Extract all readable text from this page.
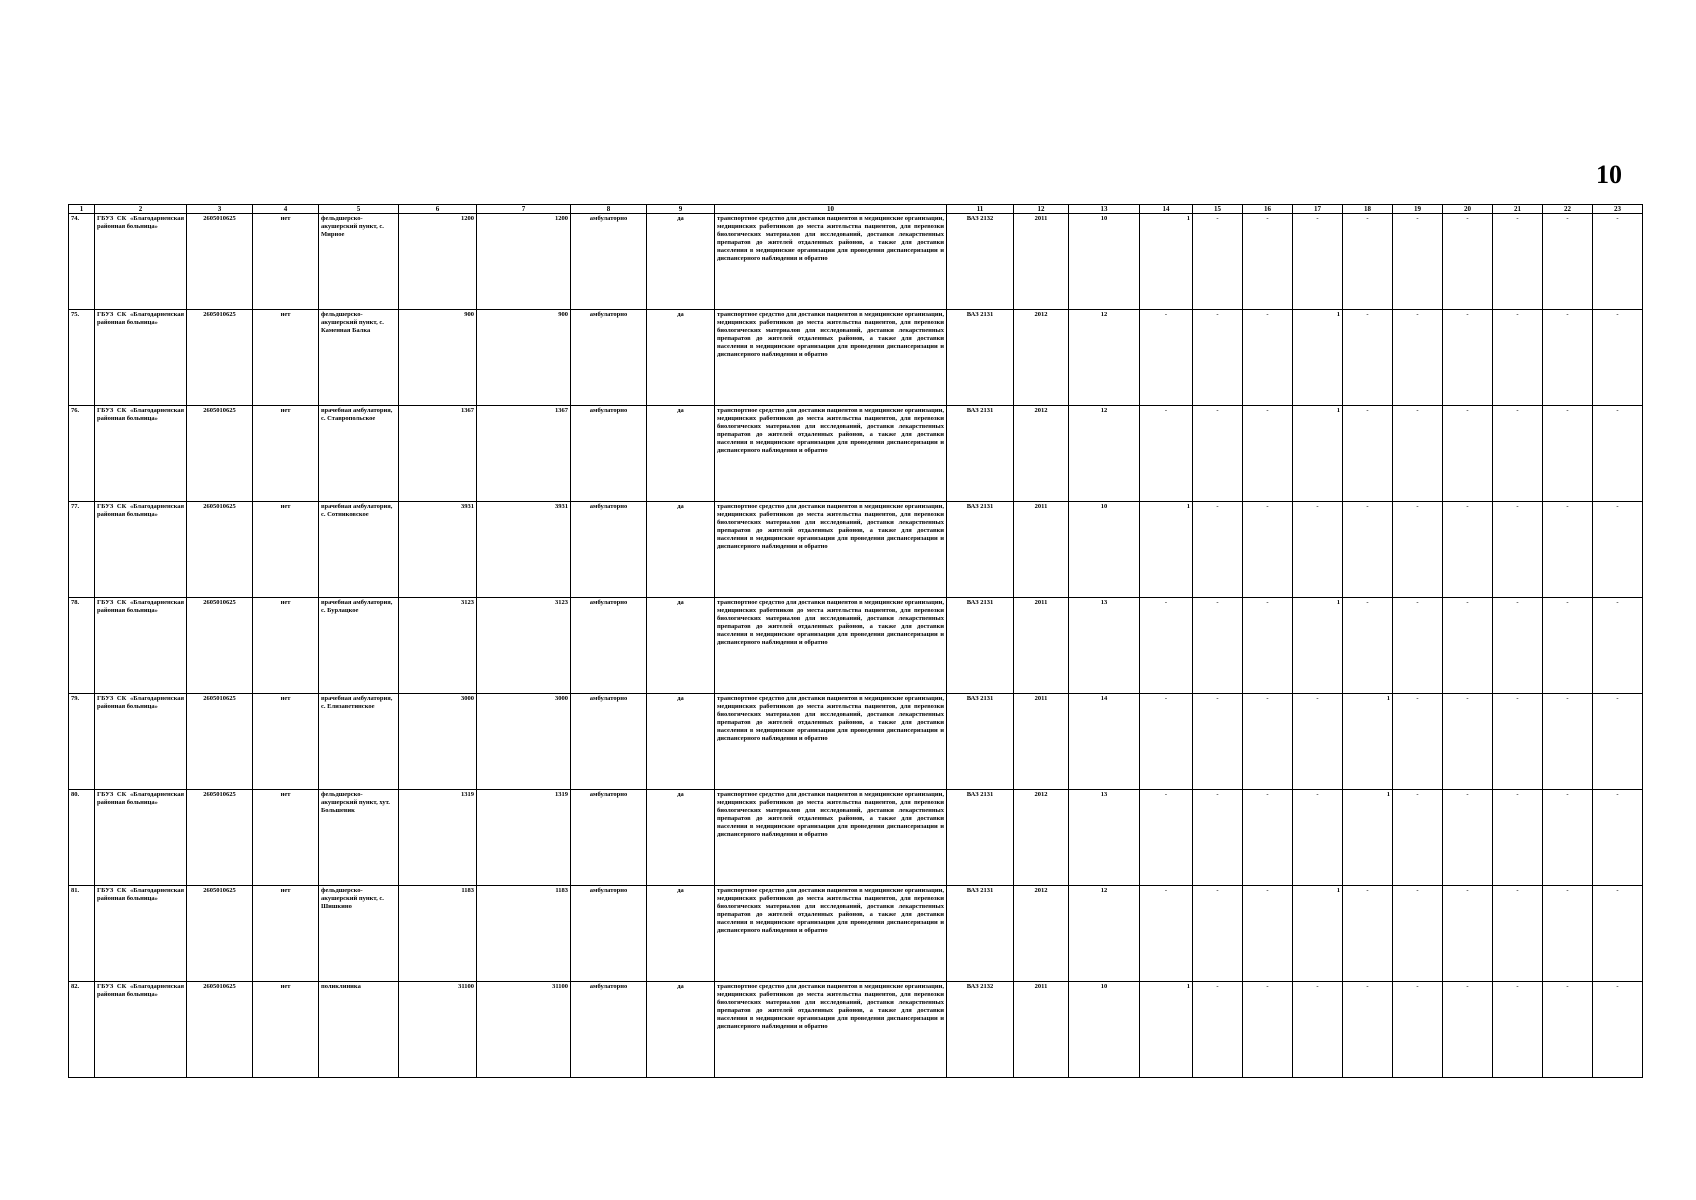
10
1	2	3	4	5	6	7	8	9	10	11	12	13	14	15	16	17	18	19	20	21	22	23
74.	ГБУЗ СК «Благодарненская районная больница»	2605010625	нет	фельдшерско-акушерский пункт, с. Мирное	1200	1200	амбулаторно	да	транспортное средство для доставки пациентов в медицинские организации, медицинских работников до места жительства пациентов, для перевозки биологических материалов для исследований, доставки лекарственных препаратов до жителей отдаленных районов, а также для доставки населения в медицинские организации для проведения диспансеризации и диспансерного наблюдения и обратно	ВАЗ 2132	2011	10	1	-	-	-	-	-	-	-	-	-
75.	ГБУЗ СК «Благодарненская районная больница»	2605010625	нет	фельдшерско-акушерский пункт, с. Каменная Балка	900	900	амбулаторно	да	транспортное средство для доставки пациентов в медицинские организации, медицинских работников до места жительства пациентов, для перевозки биологических материалов для исследований, доставки лекарственных препаратов до жителей отдаленных районов, а также для доставки населения в медицинские организации для проведения диспансеризации и диспансерного наблюдения и обратно	ВАЗ 2131	2012	12	-	-	-	1	-	-	-	-	-	-
76.	ГБУЗ СК «Благодарненская районная больница»	2605010625	нет	врачебная амбулатория, с. Ставропольское	1367	1367	амбулаторно	да	транспортное средство для доставки пациентов в медицинские организации, медицинских работников до места жительства пациентов, для перевозки биологических материалов для исследований, доставки лекарственных препаратов до жителей отдаленных районов, а также для доставки населения в медицинские организации для проведения диспансеризации и диспансерного наблюдения и обратно	ВАЗ 2131	2012	12	-	-	-	1	-	-	-	-	-	-
77.	ГБУЗ СК «Благодарненская районная больница»	2605010625	нет	врачебная амбулатория, с. Сотниковское	3931	3931	амбулаторно	да	транспортное средство для доставки пациентов в медицинские организации, медицинских работников до места жительства пациентов, для перевозки биологических материалов для исследований, доставки лекарственных препаратов до жителей отдаленных районов, а также для доставки населения в медицинские организации для проведения диспансеризации и диспансерного наблюдения и обратно	ВАЗ 2131	2011	10	1	-	-	-	-	-	-	-	-	-
78.	ГБУЗ СК «Благодарненская районная больница»	2605010625	нет	врачебная амбулатория, с. Бурлацкое	3123	3123	амбулаторно	да	транспортное средство для доставки пациентов в медицинские организации, медицинских работников до места жительства пациентов, для перевозки биологических материалов для исследований, доставки лекарственных препаратов до жителей отдаленных районов, а также для доставки населения в медицинские организации для проведения диспансеризации и диспансерного наблюдения и обратно	ВАЗ 2131	2011	13	-	-	-	1	-	-	-	-	-	-
79.	ГБУЗ СК «Благодарненская районная больница»	2605010625	нет	врачебная амбулатория, с. Елизаветинское	3000	3000	амбулаторно	да	транспортное средство для доставки пациентов в медицинские организации, медицинских работников до места жительства пациентов, для перевозки биологических материалов для исследований, доставки лекарственных препаратов до жителей отдаленных районов, а также для доставки населения в медицинские организации для проведения диспансеризации и диспансерного наблюдения и обратно	ВАЗ 2131	2011	14	-	-	-	-	1	-	-	-	-	-
80.	ГБУЗ СК «Благодарненская районная больница»	2605010625	нет	фельдшерско-акушерский пункт, хут. Большевик	1319	1319	амбулаторно	да	транспортное средство для доставки пациентов в медицинские организации, медицинских работников до места жительства пациентов, для перевозки биологических материалов для исследований, доставки лекарственных препаратов до жителей отдаленных районов, а также для доставки населения в медицинские организации для проведения диспансеризации и диспансерного наблюдения и обратно	ВАЗ 2131	2012	13	-	-	-	-	1	-	-	-	-	-
81.	ГБУЗ СК «Благодарненская районная больница»	2605010625	нет	фельдшерско-акушерский пункт, с. Шишкино	1183	1183	амбулаторно	да	транспортное средство для доставки пациентов в медицинские организации, медицинских работников до места жительства пациентов, для перевозки биологических материалов для исследований, доставки лекарственных препаратов до жителей отдаленных районов, а также для доставки населения в медицинские организации для проведения диспансеризации и диспансерного наблюдения и обратно	ВАЗ 2131	2012	12	-	-	-	1	-	-	-	-	-	-
82.	ГБУЗ СК «Благодарненская районная больница»	2605010625	нет	поликлиника	31100	31100	амбулаторно	да	транспортное средство для доставки пациентов в медицинские организации, медицинских работников до места жительства пациентов, для перевозки биологических материалов для исследований, доставки лекарственных препаратов до жителей отдаленных районов, а также для доставки населения в медицинские организации для проведения диспансеризации и диспансерного наблюдения и обратно	ВАЗ 2132	2011	10	1	-	-	-	-	-	-	-	-	-
